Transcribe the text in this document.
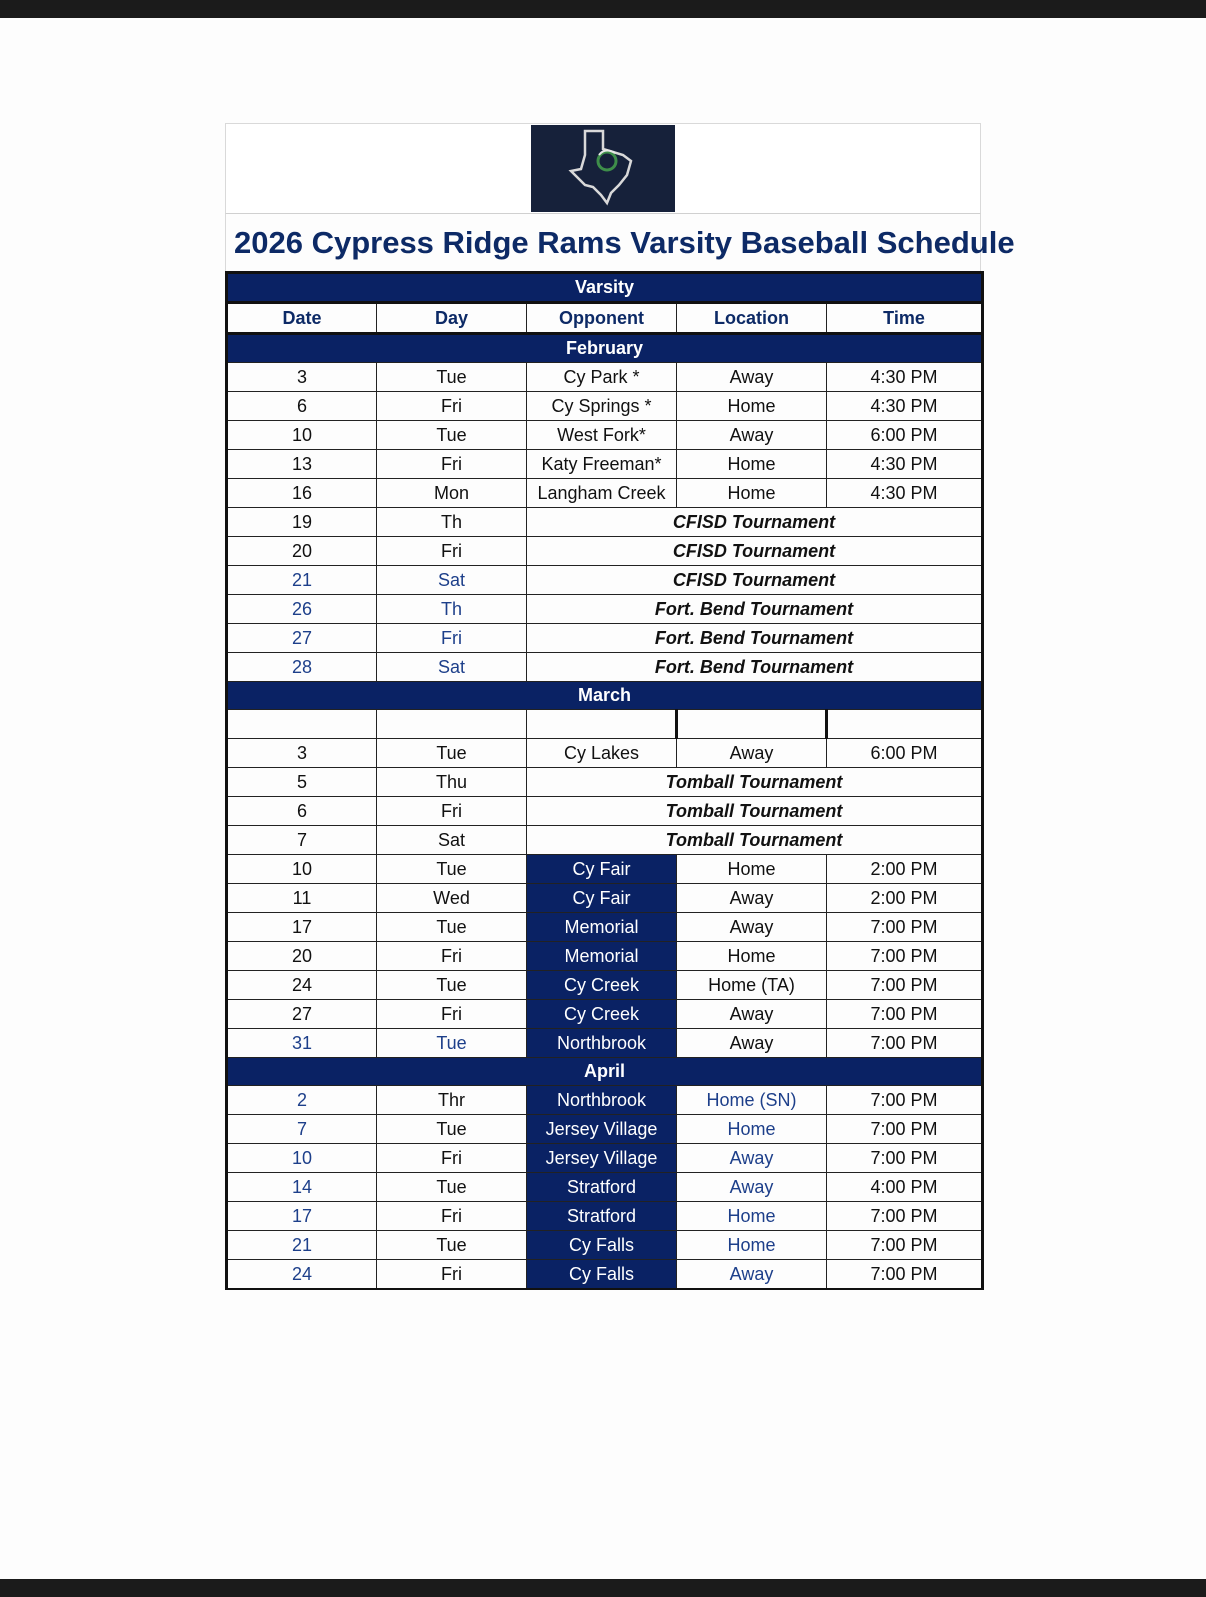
2026 Cypress Ridge Rams Varsity Baseball Schedule
Varsity				
Date	Day	Opponent	Location	Time
February				
3	Tue	Cy Park *	Away	4:30 PM
6	Fri	Cy Springs *	Home	4:30 PM
10	Tue	West Fork*	Away	6:00 PM
13	Fri	Katy Freeman*	Home	4:30 PM
16	Mon	Langham Creek	Home	4:30 PM
19	Th	CFISD Tournament		
20	Fri	CFISD Tournament		
21	Sat	CFISD Tournament		
26	Th	Fort. Bend Tournament		
27	Fri	Fort. Bend Tournament		
28	Sat	Fort. Bend Tournament		
March				

3	Tue	Cy Lakes	Away	6:00 PM
5	Thu	Tomball Tournament		
6	Fri	Tomball Tournament		
7	Sat	Tomball Tournament		
10	Tue	Cy Fair	Home	2:00 PM
11	Wed	Cy Fair	Away	2:00 PM
17	Tue	Memorial	Away	7:00 PM
20	Fri	Memorial	Home	7:00 PM
24	Tue	Cy Creek	Home (TA)	7:00 PM
27	Fri	Cy Creek	Away	7:00 PM
31	Tue	Northbrook	Away	7:00 PM
April				
2	Thr	Northbrook	Home (SN)	7:00 PM
7	Tue	Jersey Village	Home	7:00 PM
10	Fri	Jersey Village	Away	7:00 PM
14	Tue	Stratford	Away	4:00 PM
17	Fri	Stratford	Home	7:00 PM
21	Tue	Cy Falls	Home	7:00 PM
24	Fri	Cy Falls	Away	7:00 PM
